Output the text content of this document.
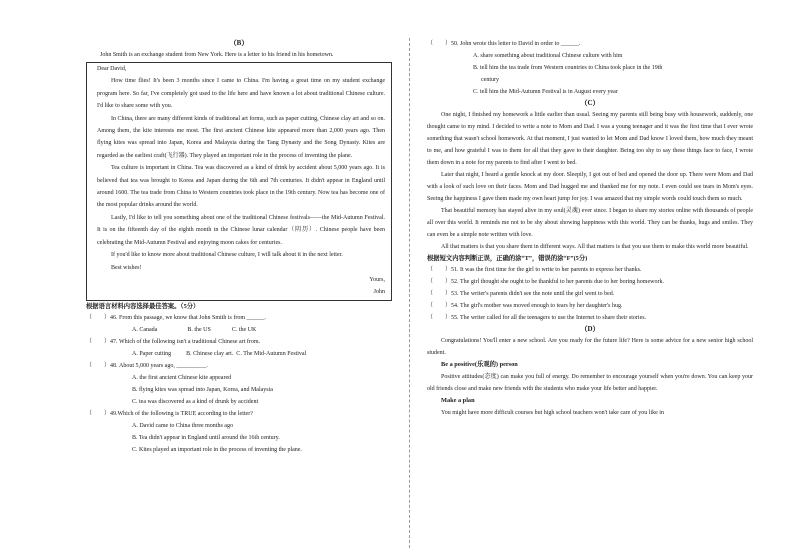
（B）
John Smith is an exchange student from New York. Here is a letter to his friend in his hometown.
Dear David,
How time flies! It's been 3 months since I came to China. I'm having a great time on my student exchange program here. So far, I've completely got used to the life here and have known a lot about traditional Chinese culture. I'd like to share some with you.
In China, there are many different kinds of traditional art forms, such as paper cutting, Chinese clay art and so on. Among them, the kite interests me most. The first ancient Chinese kite appeared more than 2,000 years ago. Then flying kites was spread into Japan, Korea and Malaysia during the Tang Dynasty and the Song Dynasty. Kites are regarded as the earliest craft(飞行器). They played an important role in the process of inventing the plane.
Tea culture is important in China. Tea was discovered as a kind of drink by accident about 5,000 years ago. It is believed that tea was brought to Korea and Japan during the 6th and 7th centuries. It didn't appear in England until around 1600. The tea trade from China to Western countries took place in the 19th century. Now tea has become one of the most popular drinks around the world.
Lastly, I'd like to tell you something about one of the traditional Chinese festivals——the Mid-Autumn Festival. It is on the fifteenth day of the eighth month in the Chinese lunar calendar（阴历）. Chinese people have been celebrating the Mid-Autumn Festival and enjoying moon cakes for centuries.
If you'd like to know more about traditional Chinese culture, I will talk about it in the next letter.
Best wishes!
Yours,
John
根据语言材料内容选择最佳答案。（5分）
（　　）46. From this passage, we know that John Smith is from ______.
A. Canada                    B. the US              C. the UK
（　　）47. Which of the following isn't a traditional Chinese art from.
A. Paper cutting          B. Chinese clay art.  C. The Mid-Autumn Festival
（　　）48. About 5,000 years ago, __________.
A. the first ancient Chinese kite appeared
B. flying kites was spread into Japan, Korea, and Malaysia
C. tea was discovered as a kind of drunk by accident
（　　）49.Which of the following is TRUE according to the letter?
A. David came to China three months ago
B. Tea didn't appear in England until around the 16th century.
C. Kites played an important role in the process of inventing the plane.
（　　）50. John wrote this letter to David in order to ______.
A. share something about traditional Chinese culture with him
B. tell him the tea trade from Western countries to China took place in the 19th
century
C. tell him the Mid-Autumn Festival is in August every year
（C）
One night, I finished my homework a little earlier than usual. Seeing my parents still being busy with housework, suddenly, one thought came to my mind. I decided to write a note to Mom and Dad. I was a young teenager and it was the first time that I ever wrote something that wasn't school homework. At that moment, I just wanted to let Mom and Dad know I loved them, how much they meant to me, and how grateful I was to them for all that they gave to their daughter. Being too shy to say these things face to face, I wrote them down in a note for my parents to find after I went to bed.
Later that night, I heard a gentle knock at my door. Sleepily, I got out of bed and opened the door up. There were Mom and Dad with a look of such love on their faces. Mom and Dad hugged me and thanked me for my note. I even could see tears in Mom's eyes. Seeing the happiness I gave them made my own heart jump for joy. I was amazed that my simple words could touch them so much.
That beautiful memory has stayed alive in my soul(灵魂) ever since. I began to share my stories online with thousands of people all over this world. It reminds me not to be shy about showing happiness with this world. They can be thanks, hugs and smiles. They can even be a simple note written with love.
All that matters is that you share them in different ways. All that matters is that you use them to make this world more beautiful.
根据短文内容判断正误，正确的涂“T”，错误的涂“F”(5分)
（　　）51. It was the first time for the girl to write to her parents to express her thanks.
（　　）52. The girl thought she ought to be thankful to her parents due to her boring homework.
（　　）53. The writer's parents didn't see the note until the girl went to bed.
（　　）54. The girl's mother was moved enough to tears by her daughter's hug.
（　　）55. The writer called for all the teenagers to use the Internet to share their stories.
（D）
Congratulations! You'll enter a new school. Are you ready for the future life? Here is some advice for a new senior high school student.
Be a positive(乐观的) person
Positive attitudes(态度) can make you full of energy. Do remember to encourage yourself when you're down. You can keep your old friends close and make new friends with the students who make your life better and happier.
Make a plan
You might have more difficult courses but high school teachers won't take care of you like in
